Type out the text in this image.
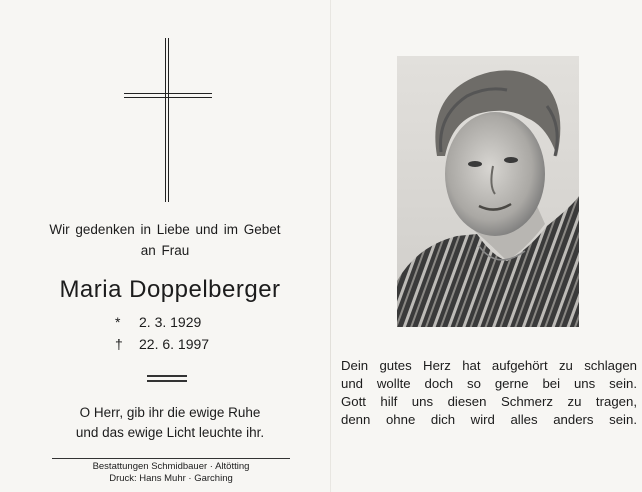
Wir gedenken in Liebe und im Gebet
an Frau
Maria Doppelberger
* 2. 3. 1929
† 22. 6. 1997
O Herr, gib ihr die ewige Ruhe
und das ewige Licht leuchte ihr.
Bestattungen Schmidbauer · Altötting
Druck: Hans Muhr · Garching
Dein gutes Herz hat aufgehört zu schlagen
und wollte doch so gerne bei uns sein.
Gott hilf uns diesen Schmerz zu tragen,
denn ohne dich wird alles anders sein.
